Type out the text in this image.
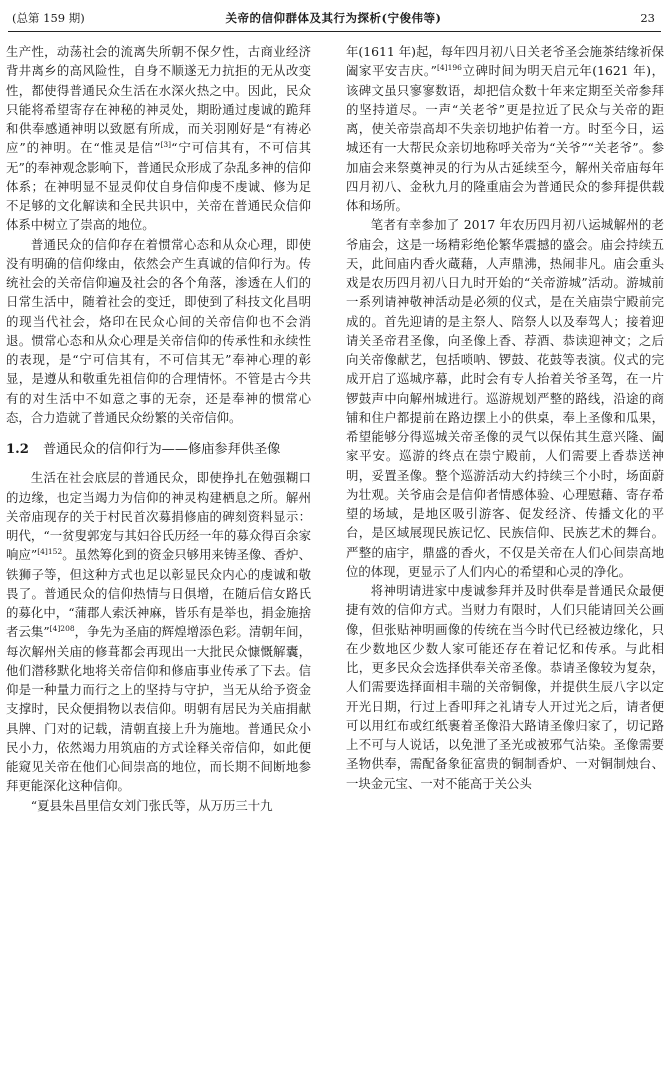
(总第 159 期)	关帝的信仰群体及其行为探析(宁俊伟等)	23

生产性，动荡社会的流离失所朝不保夕性，古商业经济背井离乡的高风险性，自身不顺遂无力抗拒的无从改变性，都使得普通民众生活在水深火热之中。因此，民众只能将希望寄存在神秘的神灵处，期盼通过虔诚的跪拜和供奉感通神明以致愿有所成，而关羽刚好是“有祷必应”的神明。在“惟灵是信”[3]“宁可信其有，不可信其无”的奉神观念影响下，普通民众形成了杂乱多神的信仰体系；在神明显不显灵仰仗自身信仰虔不虔诚、修为足不足够的文化解读和全民共识中，关帝在普通民众信仰体系中树立了崇高的地位。

普通民众的信仰存在着惯常心态和从众心理，即使没有明确的信仰缘由，依然会产生真诚的信仰行为。传统社会的关帝信仰遍及社会的各个角落，渗透在人们的日常生活中，随着社会的变迁，即使到了科技文化昌明的现当代社会，烙印在民众心间的关帝信仰也不会消退。惯常心态和从众心理是关帝信仰的传承性和永续性的表现，是“宁可信其有，不可信其无”奉神心理的彰显，是遵从和敬重先祖信仰的合理情怀。不管是古今共有的对生活中不如意之事的无奈，还是奉神的惯常心态，合力造就了普通民众纷繁的关帝信仰。

1.2 普通民众的信仰行为——修庙参拜供圣像

生活在社会底层的普通民众，即使挣扎在勉强糊口的边缘，也定当竭力为信仰的神灵构建栖息之所。解州关帝庙现存的关于村民首次募捐修庙的碑刻资料显示：明代，“一贫叟郭宠与其妇谷氏历经一年的募众得百余家响应”$^{[4]152}$。虽然筹化到的资金只够用来铸圣像、香炉、铁狮子等，但这种方式也足以彰显民众内心的虔诚和敬畏了。普通民众的信仰热情与日俱增，在随后信女路氏的募化中，“蒲郡人索沃神麻，皆乐有是举也，捐金施捨者云集”$^{[4]208}$，争先为圣庙的辉煌增添色彩。清朝年间，每次解州关庙的修葺都会再现出一大批民众慷慨解囊，他们潜移默化地将关帝信仰和修庙事业传承了下去。信仰是一种量力而行之上的坚持与守护，当无从给予资金支撑时，民众便捐物以表信仰。明朝有居民为关庙捐献具牌、门对的记载，清朝直接上升为施地。普通民众小民小力，依然竭力用筑庙的方式诠释关帝信仰，如此便能窥见关帝在他们心间崇高的地位，而长期不间断地参拜更能深化这种信仰。

“夏县朱昌里信女刘门张氏等，从万历三十九

年(1611 年)起，每年四月初八日关老爷圣会施茶结缘祈保阖家平安吉庆。”$^{[4]196}$立碑时间为明天启元年(1621 年)，该碑文虽只寥寥数语，却把信众数十年来定期至关帝参拜的坚持道尽。一声“关老爷”更是拉近了民众与关帝的距离，使关帝崇高却不失亲切地护佑着一方。时至今日，运城还有一大帮民众亲切地称呼关帝为“关爷”“关老爷”。参加庙会来祭奠神灵的行为从古延续至今，解州关帝庙每年四月初八、金秋九月的隆重庙会为普通民众的参拜提供载体和场所。

笔者有幸参加了 2017 年农历四月初八运城解州的老爷庙会，这是一场精彩绝伦繁华震撼的盛会。庙会持续五天，此间庙内香火蔵藉，人声鼎沸，热闹非凡。庙会重头戏是农历四月初八日九时开始的“关帝游城”活动。游城前一系列请神敬神活动是必须的仪式，是在关庙崇宁殿前完成的。首先迎请的是主祭人、陪祭人以及奉驾人；接着迎请关圣帝君圣像，向圣像上香、荐酒、恭读迎神文；之后向关帝像献艺，包括唢呐、锣鼓、花鼓等表演。仪式的完成开启了巡城序幕，此时会有专人抬着关爷圣驾，在一片锣鼓声中向解州城进行。巡游规划严整的路线，沿途的商铺和住户都提前在路边摆上小的供桌，奉上圣像和瓜果，希望能够分得巡城关帝圣像的灵气以保佑其生意兴隆、阖家平安。巡游的终点在崇宁殿前，人们需要上香恭送神明，妥置圣像。整个巡游活动大约持续三个小时，场面蔚为壮观。关爷庙会是信仰者情感体验、心理慰藉、寄存希望的场域，是地区吸引游客、促发经济、传播文化的平台，是区域展现民族记忆、民族信仰、民族艺术的舞台。严整的庙宇，鼎盛的香火，不仅是关帝在人们心间崇高地位的体现，更显示了人们内心的希望和心灵的净化。

将神明请进家中虔诚参拜并及时供奉是普通民众最便捷有效的信仰方式。当财力有限时，人们只能请回关公画像，但张贴神明画像的传统在当今时代已经被边缘化，只在少数地区少数人家可能还存在着记忆和传承。与此相比，更多民众会选择供奉关帝圣像。恭请圣像较为复杂，人们需要选择面相丰瑞的关帝铜像，并提供生辰八字以定开光日期，行过上香叩拜之礼请专人开过光之后，请者便可以用红布或红纸裹着圣像沿大路请圣像归家了，切记路上不可与人说话，以免泄了圣光或被邪气沾染。圣像需要圣物供奉，需配备象征富贵的铜制香炉、一对铜制烛台、一块金元宝、一对不能高于关公头
